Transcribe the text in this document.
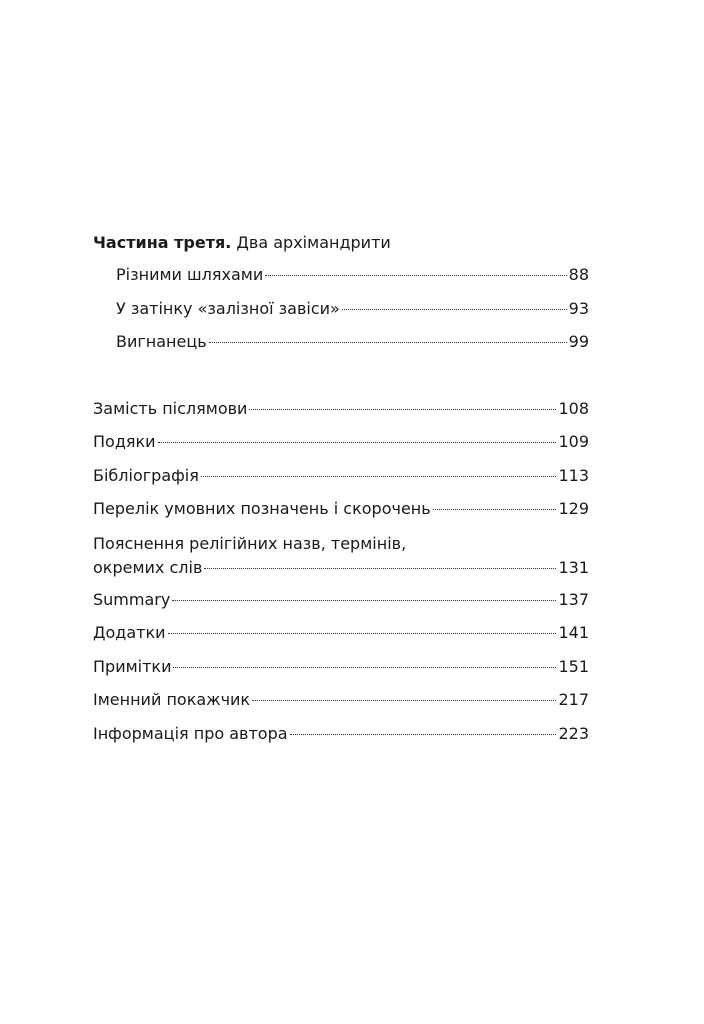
Частина третя. Два архімандрити
Різними шляхами	88
У затінку «залізної завіси»	93
Вигнанець	99
Замість післямови	108
Подяки	109
Бібліографія	113
Перелік умовних позначень і скорочень	129
Пояснення релігійних назв, термінів,
окремих слів	131
Summary	137
Додатки	141
Примітки	151
Іменний покажчик	217
Інформація про автора	223
